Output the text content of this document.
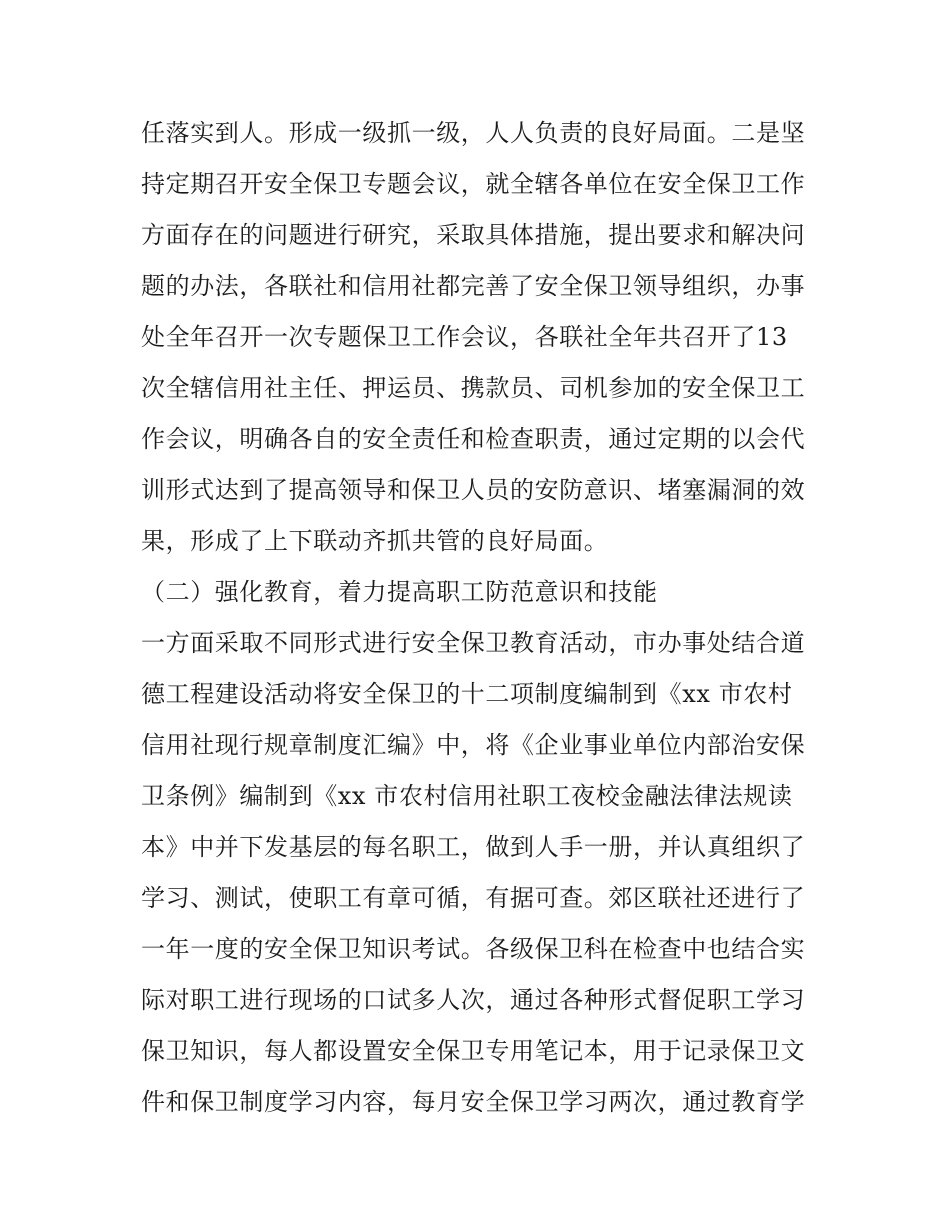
任落实到人。形成一级抓一级，人人负责的良好局面。二是坚
持定期召开安全保卫专题会议，就全辖各单位在安全保卫工作
方面存在的问题进行研究，采取具体措施，提出要求和解决问
题的办法，各联社和信用社都完善了安全保卫领导组织，办事
处全年召开一次专题保卫工作会议，各联社全年共召开了13
次全辖信用社主任、押运员、携款员、司机参加的安全保卫工
作会议，明确各自的安全责任和检查职责，通过定期的以会代
训形式达到了提高领导和保卫人员的安防意识、堵塞漏洞的效
果，形成了上下联动齐抓共管的良好局面。
（二）强化教育，着力提高职工防范意识和技能
一方面采取不同形式进行安全保卫教育活动，市办事处结合道
德工程建设活动将安全保卫的十二项制度编制到《xx 市农村
信用社现行规章制度汇编》中，将《企业事业单位内部治安保
卫条例》编制到《xx 市农村信用社职工夜校金融法律法规读
本》中并下发基层的每名职工，做到人手一册，并认真组织了
学习、测试，使职工有章可循，有据可查。郊区联社还进行了
一年一度的安全保卫知识考试。各级保卫科在检查中也结合实
际对职工进行现场的口试多人次，通过各种形式督促职工学习
保卫知识，每人都设置安全保卫专用笔记本，用于记录保卫文
件和保卫制度学习内容，每月安全保卫学习两次，通过教育学
